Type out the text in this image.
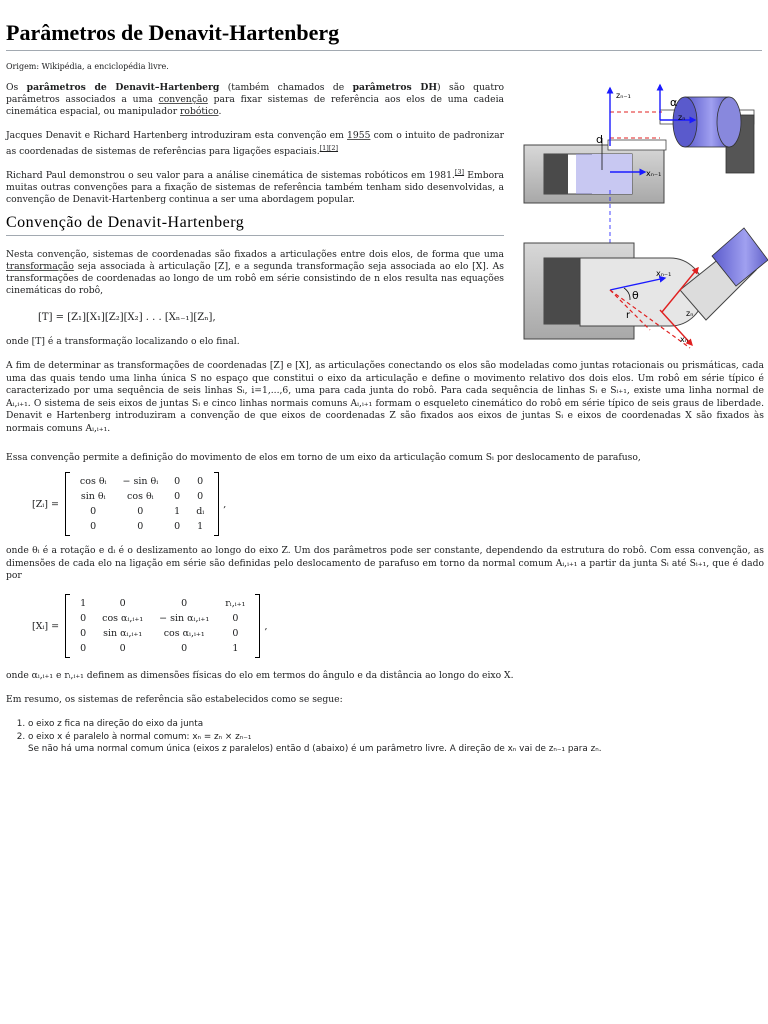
Parâmetros de Denavit-Hartenberg
Origem: Wikipédia, a enciclopédia livre.

Os parâmetros de Denavit–Hartenberg (também chamados de parâmetros DH) são quatro parâmetros associados a uma convenção para fixar sistemas de referência aos elos de uma cadeia cinemática espacial, ou manipulador robótico.

Jacques Denavit e Richard Hartenberg introduziram esta convenção em 1955 com o intuito de padronizar as coordenadas de sistemas de referências para ligações espaciais.[1][2]

Richard Paul demonstrou o seu valor para a análise cinemática de sistemas robóticos em 1981.[3] Embora muitas outras convenções para a fixação de sistemas de referência também tenham sido desenvolvidas, a convenção de Denavit-Hartenberg continua a ser uma abordagem popular.

Convenção de Denavit-Hartenberg

Nesta convenção, sistemas de coordenadas são fixados a articulações entre dois elos, de forma que uma transformação seja associada à articulação [Z], e a segunda transformação seja associada ao elo [X]. As transformações de coordenadas ao longo de um robô em série consistindo de n elos resulta nas equações cinemáticas do robô,

[T] = [Z₁][X₁][Z₂][X₂] . . . [Xₙ₋₁][Zₙ],

onde [T] é a transformação localizando o elo final.

A fim de determinar as transformações de coordenadas [Z] e [X], as articulações conectando os elos são modeladas como juntas rotacionais ou prismáticas, cada uma das quais tendo uma linha única S no espaço que constitui o eixo da articulação e define o movimento relativo dos dois elos. Um robô em série típico é caracterizado por uma sequência de seis linhas Sᵢ, i=1,...,6, uma para cada junta do robô. Para cada sequência de linhas Sᵢ e Sᵢ₊₁, existe uma linha normal de Aᵢ,ᵢ₊₁. O sistema de seis eixos de juntas Sᵢ e cinco linhas normais comuns Aᵢ,ᵢ₊₁ formam o esqueleto cinemático do robô em série típico de seis graus de liberdade. Denavit e Hartenberg introduziram a convenção de que eixos de coordenadas Z são fixados aos eixos de juntas Sᵢ e eixos de coordenadas X são fixados às normais comuns Aᵢ,ᵢ₊₁.

Essa convenção permite a definição do movimento de elos em torno de um eixo da articulação comum Sᵢ por deslocamento de parafuso,

[Zᵢ] =
cos θᵢ	− sin θᵢ	0	0
sin θᵢ	cos θᵢ	0	0
0	0	1	dᵢ
0	0	0	1
,

onde θᵢ é a rotação e dᵢ é o deslizamento ao longo do eixo Z. Um dos parâmetros pode ser constante, dependendo da estrutura do robô. Com essa convenção, as dimensões de cada elo na ligação em série são definidas pelo deslocamento de parafuso em torno da normal comum Aᵢ,ᵢ₊₁ a partir da junta Sᵢ até Sᵢ₊₁, que é dado por

[Xᵢ] =
1	0	0	rᵢ,ᵢ₊₁
0	cos αᵢ,ᵢ₊₁	− sin αᵢ,ᵢ₊₁	0
0	sin αᵢ,ᵢ₊₁	cos αᵢ,ᵢ₊₁	0
0	0	0	1
,

onde αᵢ,ᵢ₊₁ e rᵢ,ᵢ₊₁ definem as dimensões físicas do elo em termos do ângulo e da distância ao longo do eixo X.

Em resumo, os sistemas de referência são estabelecidos como se segue:

1. o eixo z fica na direção do eixo da junta
2. o eixo x é paralelo à normal comum: xₙ = zₙ × zₙ₋₁
Se não há uma normal comum única (eixos z paralelos) então d (abaixo) é um parâmetro livre. A direção de xₙ vai de zₙ₋₁ para zₙ.
zₙ₋₁
α
zₙ
d
xₙ₋₁
xₙ₋₁
θ
zₙ
r
xₙ
